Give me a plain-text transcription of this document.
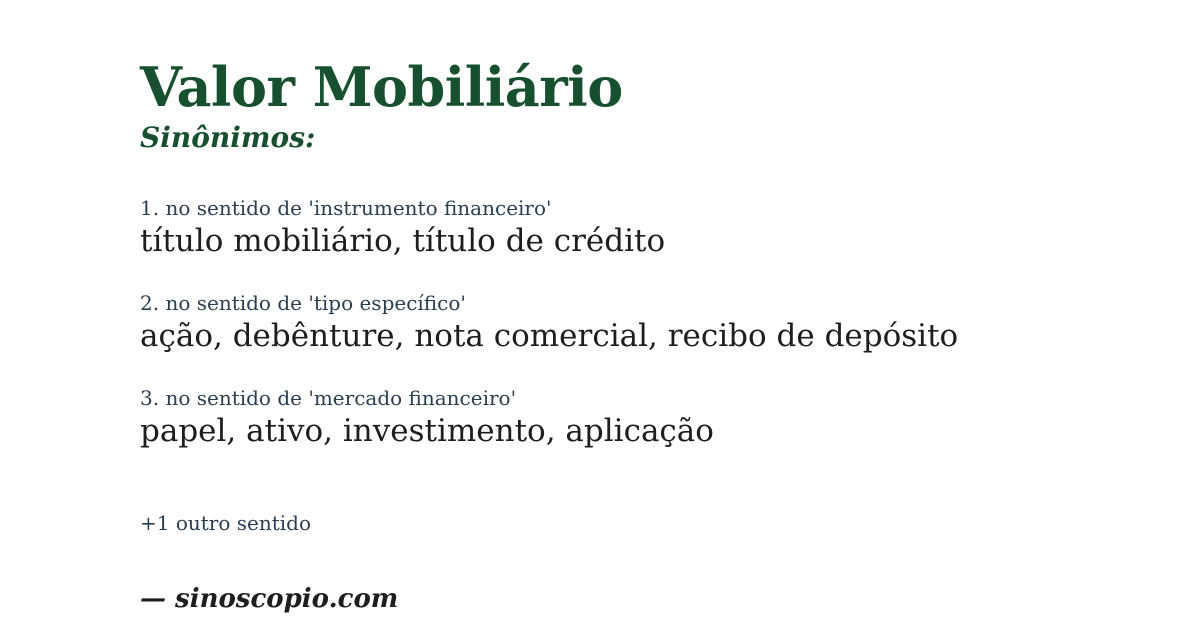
Valor Mobiliário
Sinônimos:
1. no sentido de 'instrumento financeiro'
título mobiliário, título de crédito
2. no sentido de 'tipo específico'
ação, debênture, nota comercial, recibo de depósito
3. no sentido de 'mercado financeiro'
papel, ativo, investimento, aplicação
+1 outro sentido
— sinoscopio.com
